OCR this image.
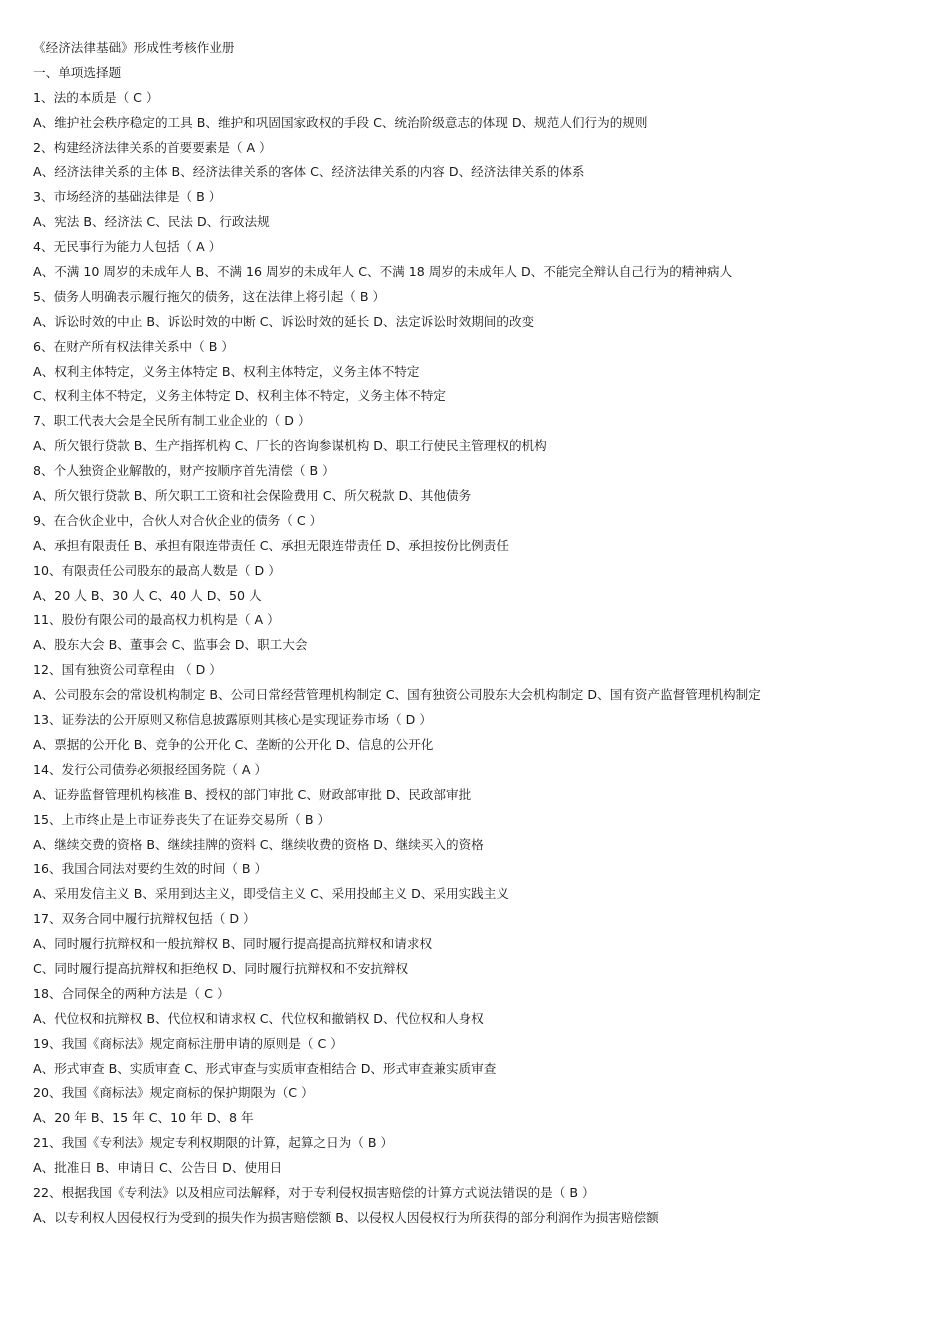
《经济法律基础》形成性考核作业册
一、单项选择题
1、法的本质是（ C ）
A、维护社会秩序稳定的工具 B、维护和巩固国家政权的手段 C、统治阶级意志的体现 D、规范人们行为的规则
2、构建经济法律关系的首要要素是（ A ）
A、经济法律关系的主体 B、经济法律关系的客体 C、经济法律关系的内容 D、经济法律关系的体系
3、市场经济的基础法律是（ B ）
A、宪法 B、经济法 C、民法 D、行政法规
4、无民事行为能力人包括（ A ）
A、不满 10 周岁的未成年人 B、不满 16 周岁的未成年人 C、不满 18 周岁的未成年人 D、不能完全辩认自己行为的精神病人
5、债务人明确表示履行拖欠的债务，这在法律上将引起（ B ）
A、诉讼时效的中止 B、诉讼时效的中断 C、诉讼时效的延长 D、法定诉讼时效期间的改变
6、在财产所有权法律关系中（ B ）
A、权利主体特定，义务主体特定 B、权利主体特定，义务主体不特定
C、权利主体不特定，义务主体特定 D、权利主体不特定，义务主体不特定
7、职工代表大会是全民所有制工业企业的（ D ）
A、所欠银行贷款 B、生产指挥机构 C、厂长的咨询参谋机构 D、职工行使民主管理权的机构
8、个人独资企业解散的，财产按顺序首先清偿（ B ）
A、所欠银行贷款 B、所欠职工工资和社会保险费用 C、所欠税款 D、其他债务
9、在合伙企业中，合伙人对合伙企业的债务（ C ）
A、承担有限责任 B、承担有限连带责任 C、承担无限连带责任 D、承担按份比例责任
10、有限责任公司股东的最高人数是（ D ）
A、20 人 B、30 人 C、40 人 D、50 人
11、股份有限公司的最高权力机构是（ A ）
A、股东大会 B、董事会 C、监事会 D、职工大会
12、国有独资公司章程由 （ D ）
A、公司股东会的常设机构制定 B、公司日常经营管理机构制定 C、国有独资公司股东大会机构制定 D、国有资产监督管理机构制定
13、证券法的公开原则又称信息披露原则其核心是实现证券市场（ D ）
A、票据的公开化 B、竞争的公开化 C、垄断的公开化 D、信息的公开化
14、发行公司债券必须报经国务院（ A ）
A、证券监督管理机构核准 B、授权的部门审批 C、财政部审批 D、民政部审批
15、上市终止是上市证券丧失了在证券交易所（ B ）
A、继续交费的资格 B、继续挂牌的资料 C、继续收费的资格 D、继续买入的资格
16、我国合同法对要约生效的时间（ B ）
A、采用发信主义 B、采用到达主义，即受信主义 C、采用投邮主义 D、采用实践主义
17、双务合同中履行抗辩权包括（ D ）
A、同时履行抗辩权和一般抗辩权 B、同时履行提高提高抗辩权和请求权
C、同时履行提高抗辩权和拒绝权 D、同时履行抗辩权和不安抗辩权
18、合同保全的两种方法是（ C ）
A、代位权和抗辩权 B、代位权和请求权 C、代位权和撤销权 D、代位权和人身权
19、我国《商标法》规定商标注册申请的原则是（ C ）
A、形式审查 B、实质审查 C、形式审查与实质审查相结合 D、形式审查兼实质审查
20、我国《商标法》规定商标的保护期限为（C ）
A、20 年 B、15 年 C、10 年 D、8 年
21、我国《专利法》规定专利权期限的计算，起算之日为（ B ）
A、批准日 B、申请日 C、公告日 D、使用日
22、根据我国《专利法》以及相应司法解释，对于专利侵权损害赔偿的计算方式说法错误的是（ B ）
A、以专利权人因侵权行为受到的损失作为损害赔偿额 B、以侵权人因侵权行为所获得的部分利润作为损害赔偿额
